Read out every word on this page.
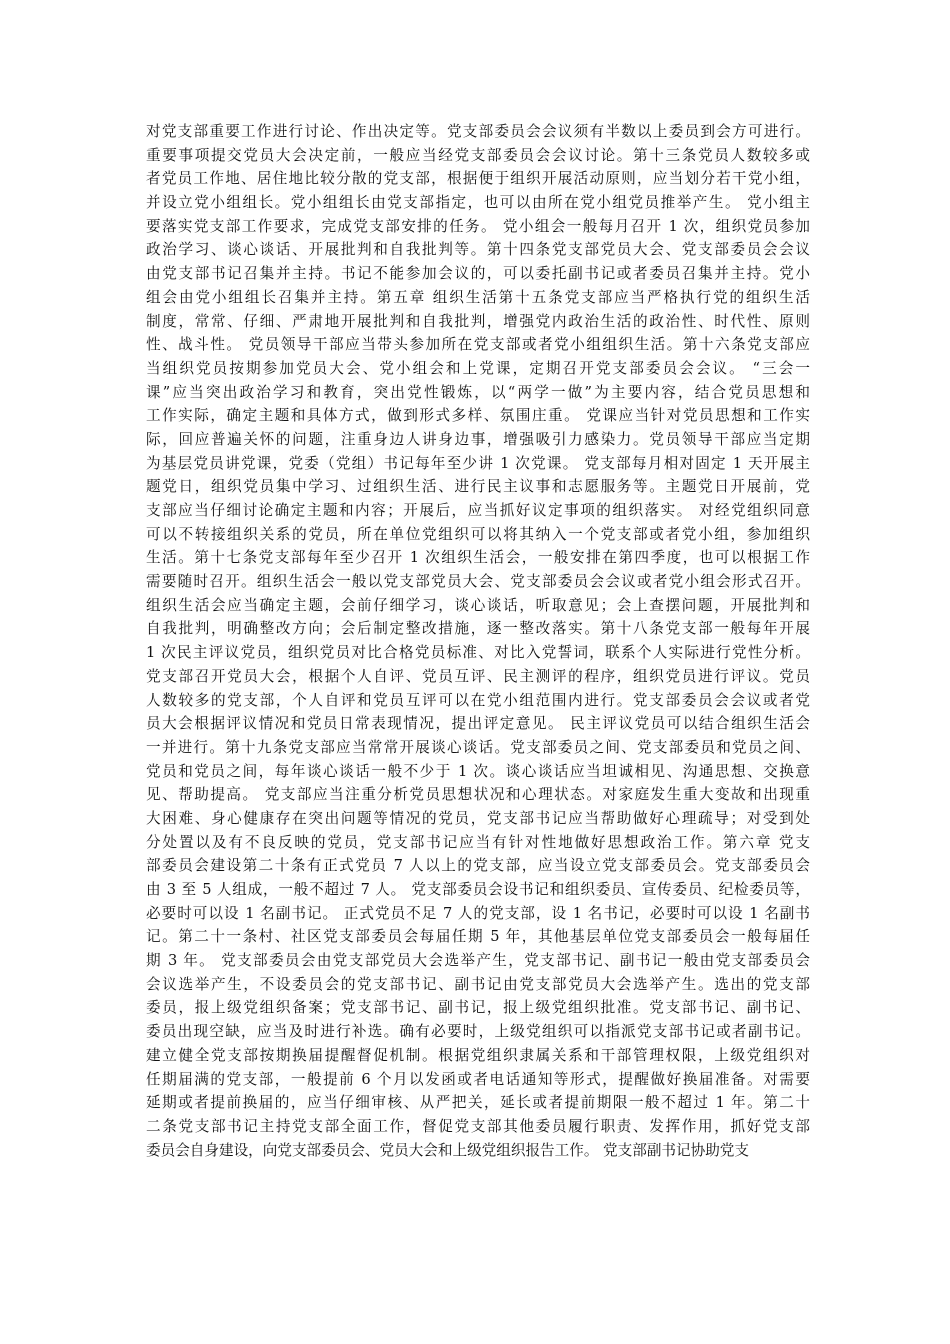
对党支部重要工作进行讨论、作出决定等。党支部委员会会议须有半数以上委员到会方可进行。
重要事项提交党员大会决定前，一般应当经党支部委员会会议讨论。第十三条党员人数较多或
者党员工作地、居住地比较分散的党支部，根据便于组织开展活动原则，应当划分若干党小组，
并设立党小组组长。党小组组长由党支部指定，也可以由所在党小组党员推举产生。 党小组主
要落实党支部工作要求，完成党支部安排的任务。 党小组会一般每月召开 1 次，组织党员参加
政治学习、谈心谈话、开展批判和自我批判等。第十四条党支部党员大会、党支部委员会会议
由党支部书记召集并主持。书记不能参加会议的，可以委托副书记或者委员召集并主持。党小
组会由党小组组长召集并主持。第五章 组织生活第十五条党支部应当严格执行党的组织生活
制度，常常、仔细、严肃地开展批判和自我批判，增强党内政治生活的政治性、时代性、原则
性、战斗性。 党员领导干部应当带头参加所在党支部或者党小组组织生活。第十六条党支部应
当组织党员按期参加党员大会、党小组会和上党课，定期召开党支部委员会会议。 “三会一
课”应当突出政治学习和教育，突出党性锻炼，以“两学一做”为主要内容，结合党员思想和
工作实际，确定主题和具体方式，做到形式多样、氛围庄重。 党课应当针对党员思想和工作实
际，回应普遍关怀的问题，注重身边人讲身边事，增强吸引力感染力。党员领导干部应当定期
为基层党员讲党课，党委（党组）书记每年至少讲 1 次党课。 党支部每月相对固定 1 天开展主
题党日，组织党员集中学习、过组织生活、进行民主议事和志愿服务等。主题党日开展前，党
支部应当仔细讨论确定主题和内容；开展后，应当抓好议定事项的组织落实。 对经党组织同意
可以不转接组织关系的党员，所在单位党组织可以将其纳入一个党支部或者党小组，参加组织
生活。第十七条党支部每年至少召开 1 次组织生活会，一般安排在第四季度，也可以根据工作
需要随时召开。组织生活会一般以党支部党员大会、党支部委员会会议或者党小组会形式召开。
组织生活会应当确定主题，会前仔细学习，谈心谈话，听取意见；会上查摆问题，开展批判和
自我批判，明确整改方向；会后制定整改措施，逐一整改落实。第十八条党支部一般每年开展
1 次民主评议党员，组织党员对比合格党员标准、对比入党誓词，联系个人实际进行党性分析。
党支部召开党员大会，根据个人自评、党员互评、民主测评的程序，组织党员进行评议。党员
人数较多的党支部，个人自评和党员互评可以在党小组范围内进行。党支部委员会会议或者党
员大会根据评议情况和党员日常表现情况，提出评定意见。 民主评议党员可以结合组织生活会
一并进行。第十九条党支部应当常常开展谈心谈话。党支部委员之间、党支部委员和党员之间、
党员和党员之间，每年谈心谈话一般不少于 1 次。谈心谈话应当坦诚相见、沟通思想、交换意
见、帮助提高。 党支部应当注重分析党员思想状况和心理状态。对家庭发生重大变故和出现重
大困难、身心健康存在突出问题等情况的党员，党支部书记应当帮助做好心理疏导；对受到处
分处置以及有不良反映的党员，党支部书记应当有针对性地做好思想政治工作。第六章 党支
部委员会建设第二十条有正式党员 7 人以上的党支部，应当设立党支部委员会。党支部委员会
由 3 至 5 人组成，一般不超过 7 人。 党支部委员会设书记和组织委员、宣传委员、纪检委员等，
必要时可以设 1 名副书记。 正式党员不足 7 人的党支部，设 1 名书记，必要时可以设 1 名副书
记。第二十一条村、社区党支部委员会每届任期 5 年，其他基层单位党支部委员会一般每届任
期 3 年。 党支部委员会由党支部党员大会选举产生，党支部书记、副书记一般由党支部委员会
会议选举产生，不设委员会的党支部书记、副书记由党支部党员大会选举产生。选出的党支部
委员，报上级党组织备案；党支部书记、副书记，报上级党组织批准。党支部书记、副书记、
委员出现空缺，应当及时进行补选。确有必要时，上级党组织可以指派党支部书记或者副书记。
建立健全党支部按期换届提醒督促机制。根据党组织隶属关系和干部管理权限，上级党组织对
任期届满的党支部，一般提前 6 个月以发函或者电话通知等形式，提醒做好换届准备。对需要
延期或者提前换届的，应当仔细审核、从严把关，延长或者提前期限一般不超过 1 年。第二十
二条党支部书记主持党支部全面工作，督促党支部其他委员履行职责、发挥作用，抓好党支部
委员会自身建设，向党支部委员会、党员大会和上级党组织报告工作。 党支部副书记协助党支
